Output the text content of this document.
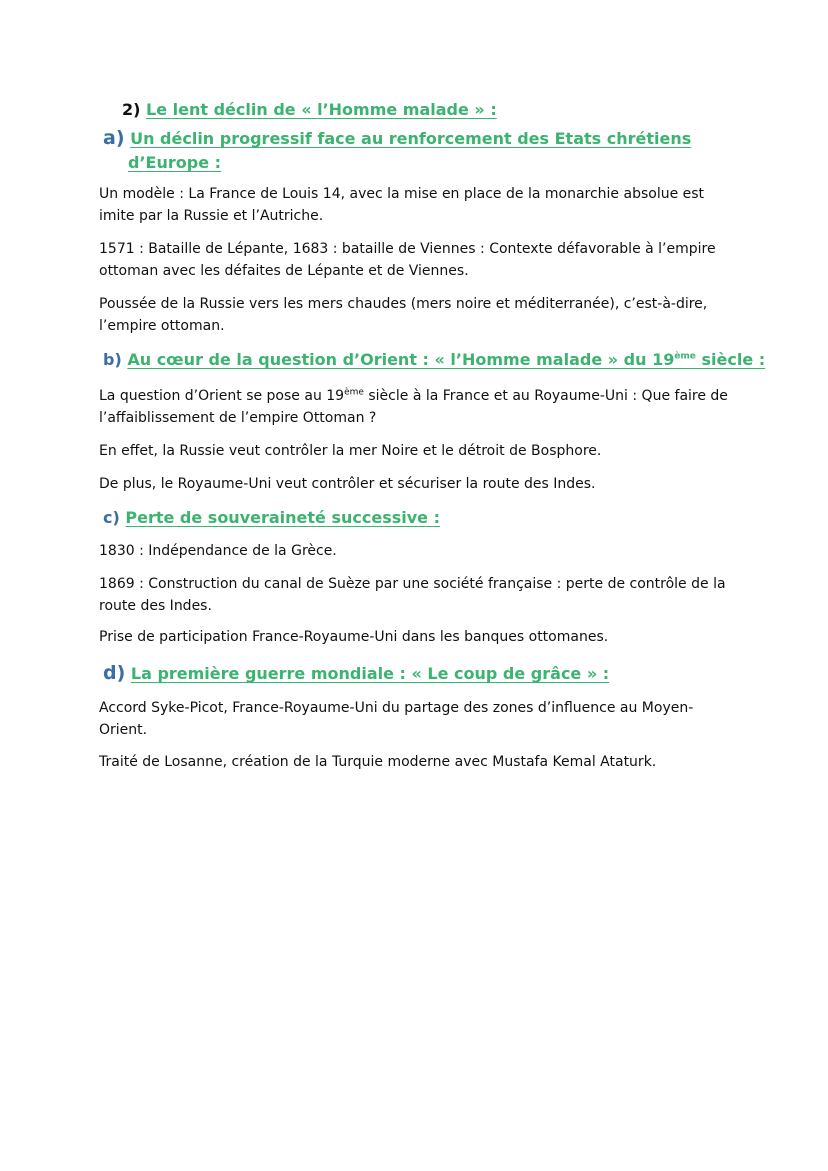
2) Le lent déclin de « l’Homme malade » :
a) Un déclin progressif face au renforcement des Etats chrétiens
d’Europe :
Un modèle : La France de Louis 14, avec la mise en place de la monarchie absolue est imite par la Russie et l’Autriche.
1571 : Bataille de Lépante, 1683 : bataille de Viennes : Contexte défavorable à l’empire ottoman avec les défaites de Lépante et de Viennes.
Poussée de la Russie vers les mers chaudes (mers noire et méditerranée), c’est-à-dire, l’empire ottoman.
b) Au cœur de la question d’Orient : « l’Homme malade » du 19ème siècle :
La question d’Orient se pose au 19ème siècle à la France et au Royaume-Uni : Que faire de l’affaiblissement de l’empire Ottoman ?
En effet, la Russie veut contrôler la mer Noire et le détroit de Bosphore.
De plus, le Royaume-Uni veut contrôler et sécuriser la route des Indes.
c) Perte de souveraineté successive :
1830 : Indépendance de la Grèce.
1869 : Construction du canal de Suèze par une société française : perte de contrôle de la route des Indes.
Prise de participation France-Royaume-Uni dans les banques ottomanes.
d) La première guerre mondiale : « Le coup de grâce » :
Accord Syke-Picot, France-Royaume-Uni du partage des zones d’influence au Moyen-Orient.
Traité de Losanne, création de la Turquie moderne avec Mustafa Kemal Ataturk.
